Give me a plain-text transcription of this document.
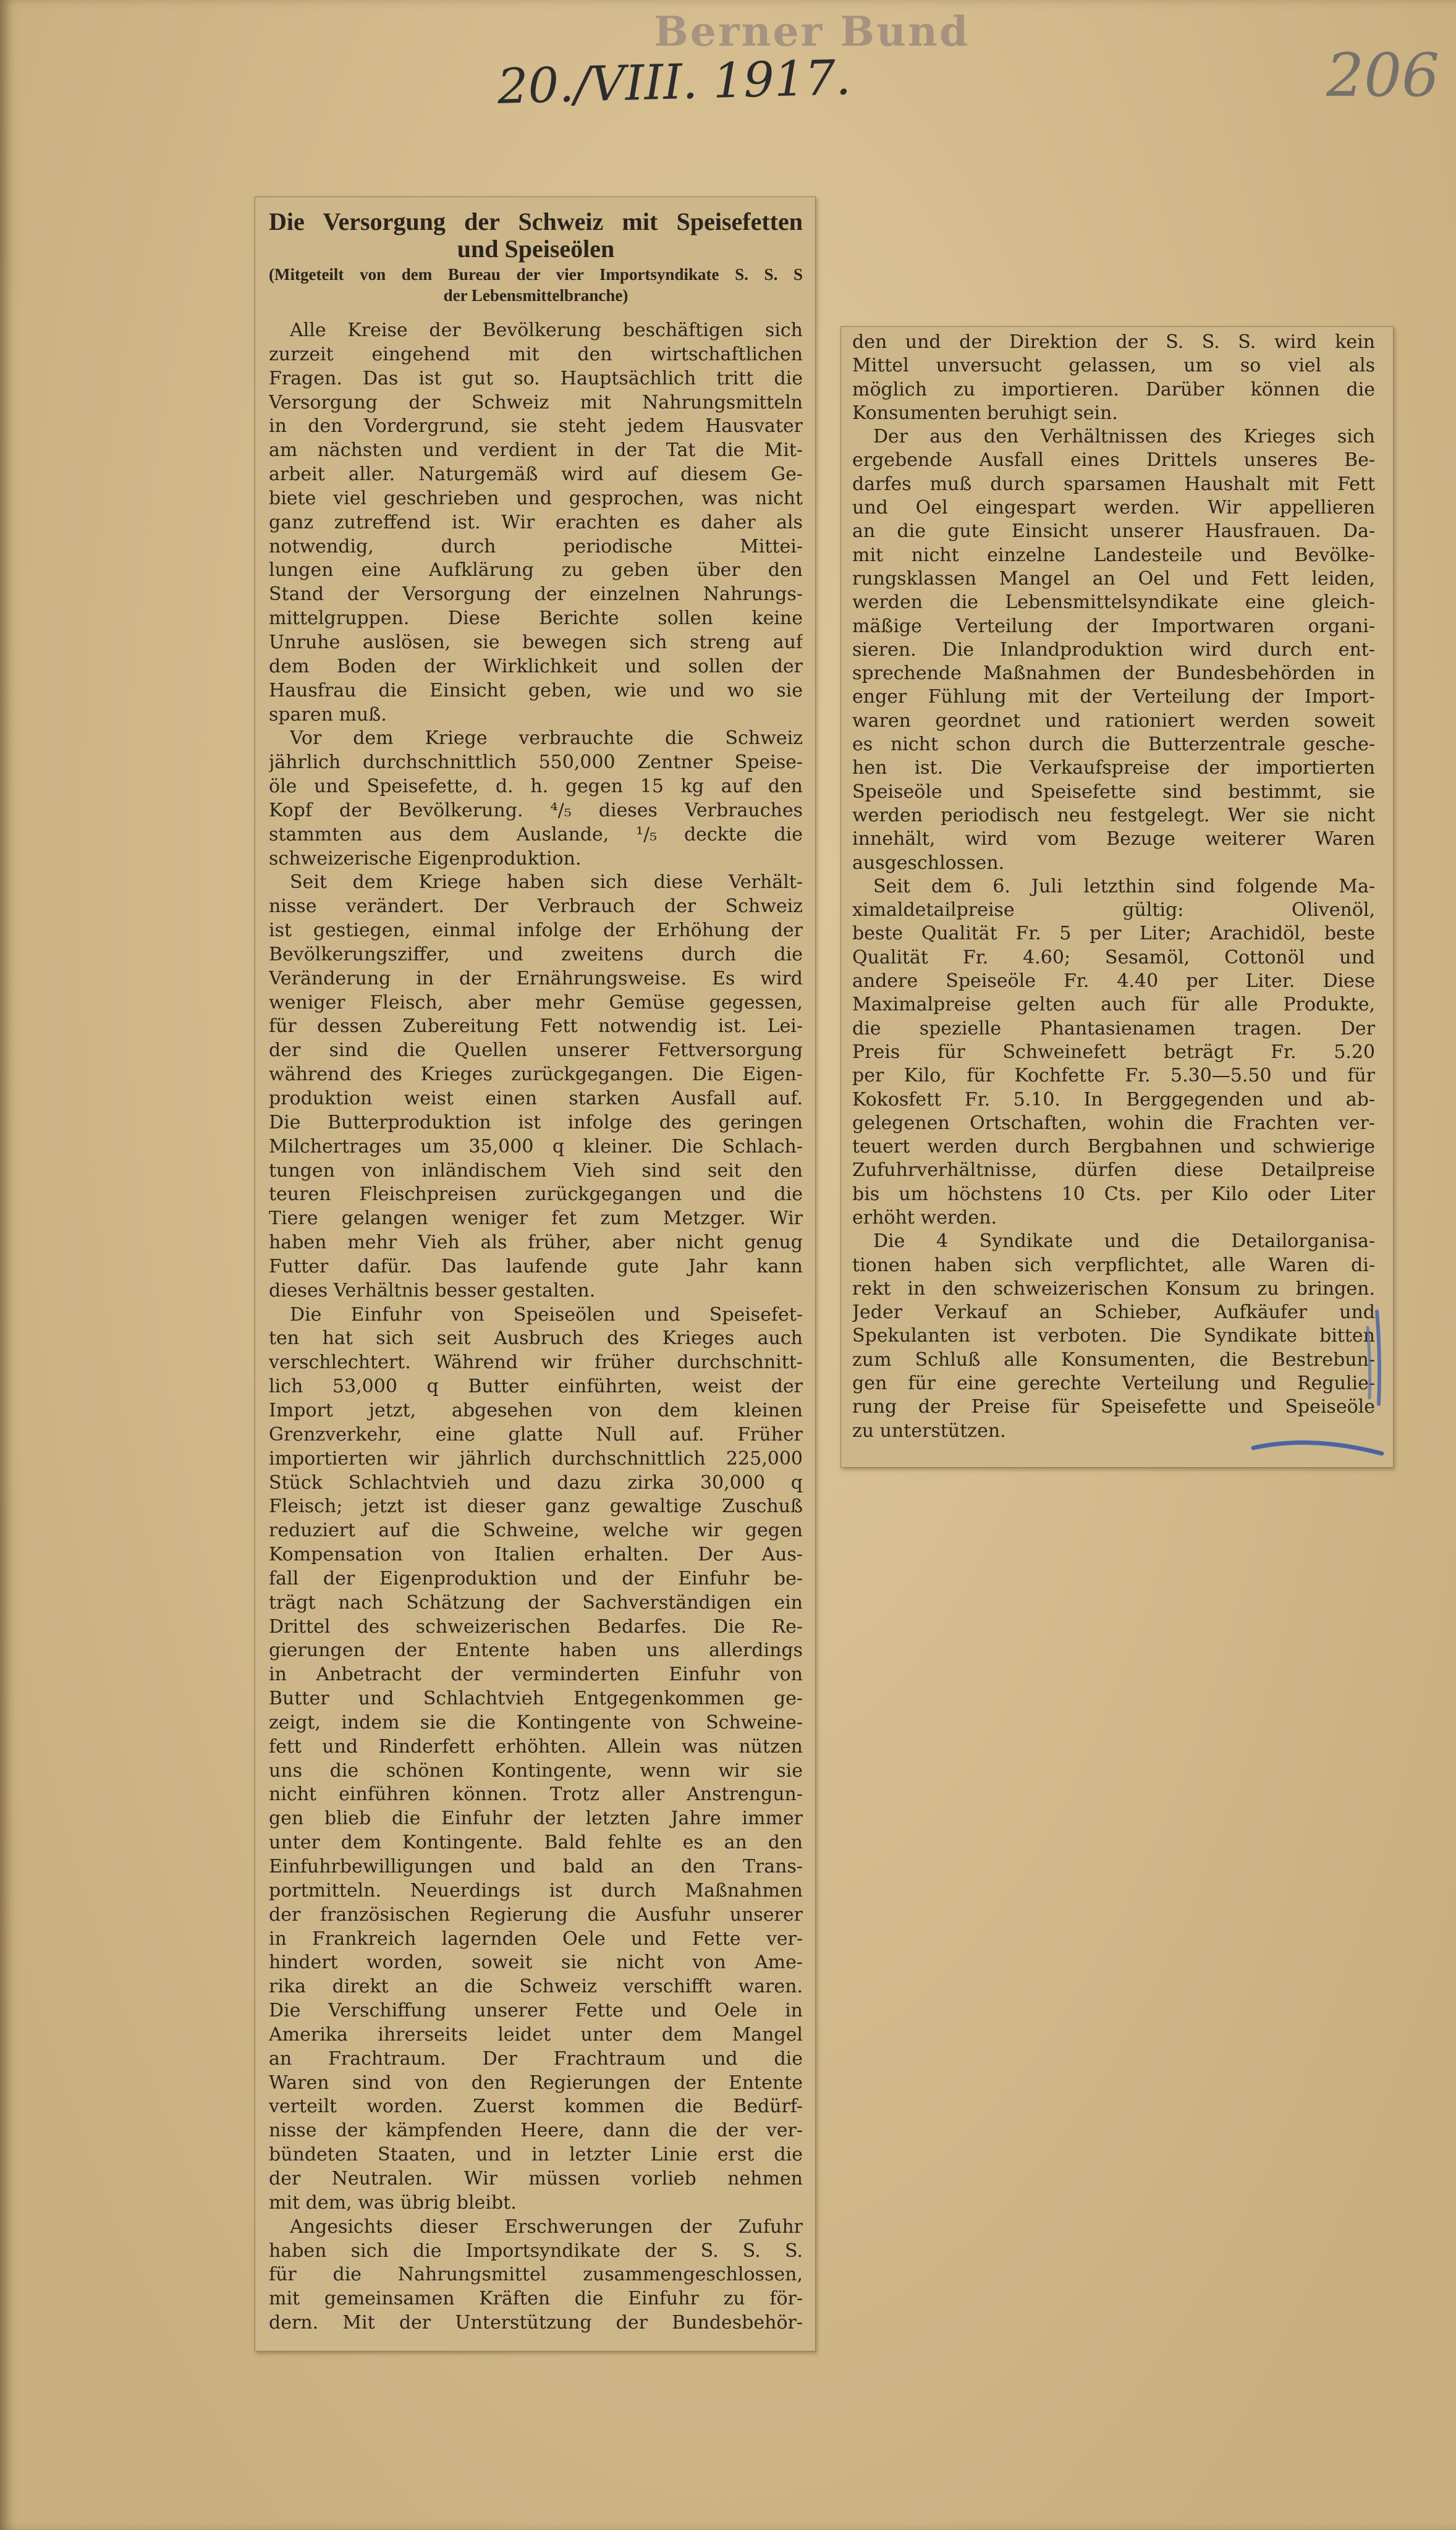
Berner Bund
20./VIII. 1917.	206
Die Versorgung der Schweiz mit Speisefetten
und Speiseölen
(Mitgeteilt von dem Bureau der vier Importsyndikate S. S. S
der Lebensmittelbranche)
Alle Kreise der Bevölkerung beschäftigen sich
zurzeit eingehend mit den wirtschaftlichen
Fragen. Das ist gut so. Hauptsächlich tritt die
Versorgung der Schweiz mit Nahrungsmitteln
in den Vordergrund, sie steht jedem Hausvater
am nächsten und verdient in der Tat die Mit-
arbeit aller. Naturgemäß wird auf diesem Ge-
biete viel geschrieben und gesprochen, was nicht
ganz zutreffend ist. Wir erachten es daher als
notwendig, durch periodische Mittei-
lungen eine Aufklärung zu geben über den
Stand der Versorgung der einzelnen Nahrungs-
mittelgruppen. Diese Berichte sollen keine
Unruhe auslösen, sie bewegen sich streng auf
dem Boden der Wirklichkeit und sollen der
Hausfrau die Einsicht geben, wie und wo sie
sparen muß.
Vor dem Kriege verbrauchte die Schweiz
jährlich durchschnittlich 550,000 Zentner Speise-
öle und Speisefette, d. h. gegen 15 kg auf den
Kopf der Bevölkerung. ⁴/₅ dieses Verbrauches
stammten aus dem Auslande, ¹/₅ deckte die
schweizerische Eigenproduktion.
Seit dem Kriege haben sich diese Verhält-
nisse verändert. Der Verbrauch der Schweiz
ist gestiegen, einmal infolge der Erhöhung der
Bevölkerungsziffer, und zweitens durch die
Veränderung in der Ernährungsweise. Es wird
weniger Fleisch, aber mehr Gemüse gegessen,
für dessen Zubereitung Fett notwendig ist. Lei-
der sind die Quellen unserer Fettversorgung
während des Krieges zurückgegangen. Die Eigen-
produktion weist einen starken Ausfall auf.
Die Butterproduktion ist infolge des geringen
Milchertrages um 35,000 q kleiner. Die Schlach-
tungen von inländischem Vieh sind seit den
teuren Fleischpreisen zurückgegangen und die
Tiere gelangen weniger fet zum Metzger. Wir
haben mehr Vieh als früher, aber nicht genug
Futter dafür. Das laufende gute Jahr kann
dieses Verhältnis besser gestalten.
Die Einfuhr von Speiseölen und Speisefet-
ten hat sich seit Ausbruch des Krieges auch
verschlechtert. Während wir früher durchschnitt-
lich 53,000 q Butter einführten, weist der
Import jetzt, abgesehen von dem kleinen
Grenzverkehr, eine glatte Null auf. Früher
importierten wir jährlich durchschnittlich 225,000
Stück Schlachtvieh und dazu zirka 30,000 q
Fleisch; jetzt ist dieser ganz gewaltige Zuschuß
reduziert auf die Schweine, welche wir gegen
Kompensation von Italien erhalten. Der Aus-
fall der Eigenproduktion und der Einfuhr be-
trägt nach Schätzung der Sachverständigen ein
Drittel des schweizerischen Bedarfes. Die Re-
gierungen der Entente haben uns allerdings
in Anbetracht der verminderten Einfuhr von
Butter und Schlachtvieh Entgegenkommen ge-
zeigt, indem sie die Kontingente von Schweine-
fett und Rinderfett erhöhten. Allein was nützen
uns die schönen Kontingente, wenn wir sie
nicht einführen können. Trotz aller Anstrengun-
gen blieb die Einfuhr der letzten Jahre immer
unter dem Kontingente. Bald fehlte es an den
Einfuhrbewilligungen und bald an den Trans-
portmitteln. Neuerdings ist durch Maßnahmen
der französischen Regierung die Ausfuhr unserer
in Frankreich lagernden Oele und Fette ver-
hindert worden, soweit sie nicht von Ame-
rika direkt an die Schweiz verschifft waren.
Die Verschiffung unserer Fette und Oele in
Amerika ihrerseits leidet unter dem Mangel
an Frachtraum. Der Frachtraum und die
Waren sind von den Regierungen der Entente
verteilt worden. Zuerst kommen die Bedürf-
nisse der kämpfenden Heere, dann die der ver-
bündeten Staaten, und in letzter Linie erst die
der Neutralen. Wir müssen vorlieb nehmen
mit dem, was übrig bleibt.
Angesichts dieser Erschwerungen der Zufuhr
haben sich die Importsyndikate der S. S. S.
für die Nahrungsmittel zusammengeschlossen,
mit gemeinsamen Kräften die Einfuhr zu för-
dern. Mit der Unterstützung der Bundesbehör-
den und der Direktion der S. S. S. wird kein
Mittel unversucht gelassen, um so viel als
möglich zu importieren. Darüber können die
Konsumenten beruhigt sein.
Der aus den Verhältnissen des Krieges sich
ergebende Ausfall eines Drittels unseres Be-
darfes muß durch sparsamen Haushalt mit Fett
und Oel eingespart werden. Wir appellieren
an die gute Einsicht unserer Hausfrauen. Da-
mit nicht einzelne Landesteile und Bevölke-
rungsklassen Mangel an Oel und Fett leiden,
werden die Lebensmittelsyndikate eine gleich-
mäßige Verteilung der Importwaren organi-
sieren. Die Inlandproduktion wird durch ent-
sprechende Maßnahmen der Bundesbehörden in
enger Fühlung mit der Verteilung der Import-
waren geordnet und rationiert werden soweit
es nicht schon durch die Butterzentrale gesche-
hen ist. Die Verkaufspreise der importierten
Speiseöle und Speisefette sind bestimmt, sie
werden periodisch neu festgelegt. Wer sie nicht
innehält, wird vom Bezuge weiterer Waren
ausgeschlossen.
Seit dem 6. Juli letzthin sind folgende Ma-
ximaldetailpreise gültig: Olivenöl,
beste Qualität Fr. 5 per Liter; Arachidöl, beste
Qualität Fr. 4.60; Sesamöl, Cottonöl und
andere Speiseöle Fr. 4.40 per Liter. Diese
Maximalpreise gelten auch für alle Produkte,
die spezielle Phantasienamen tragen. Der
Preis für Schweinefett beträgt Fr. 5.20
per Kilo, für Kochfette Fr. 5.30—5.50 und für
Kokosfett Fr. 5.10. In Berggegenden und ab-
gelegenen Ortschaften, wohin die Frachten ver-
teuert werden durch Bergbahnen und schwierige
Zufuhrverhältnisse, dürfen diese Detailpreise
bis um höchstens 10 Cts. per Kilo oder Liter
erhöht werden.
Die 4 Syndikate und die Detailorganisa-
tionen haben sich verpflichtet, alle Waren di-
rekt in den schweizerischen Konsum zu bringen.
Jeder Verkauf an Schieber, Aufkäufer und
Spekulanten ist verboten. Die Syndikate bitten
zum Schluß alle Konsumenten, die Bestrebun-
gen für eine gerechte Verteilung und Regulie-
rung der Preise für Speisefette und Speiseöle
zu unterstützen.
